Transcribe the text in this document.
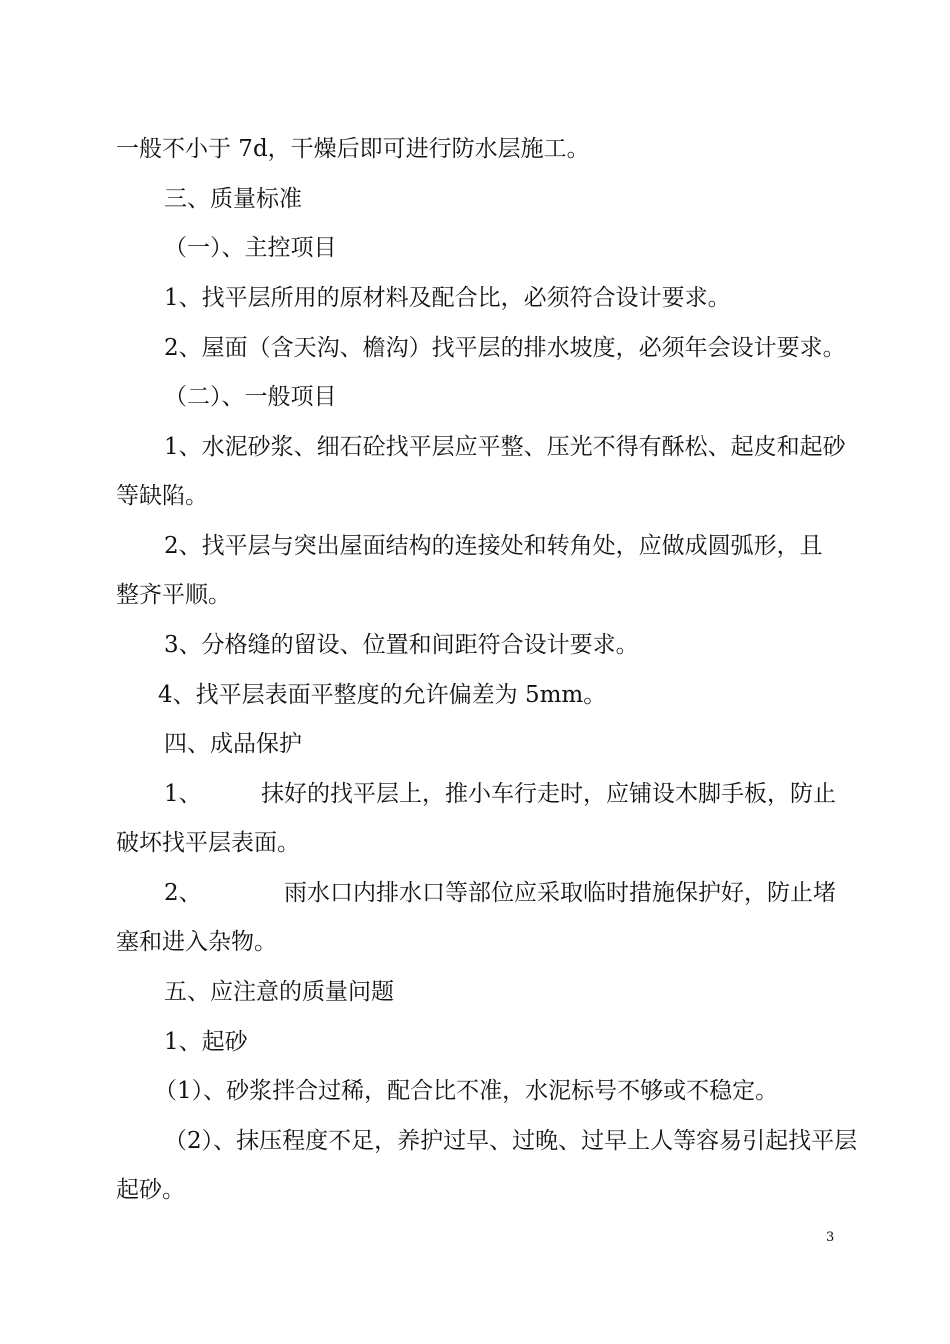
一般不小于 7d，干燥后即可进行防水层施工。
三、质量标准
（一）、主控项目
1、找平层所用的原材料及配合比，必须符合设计要求。
2、屋面（含天沟、檐沟）找平层的排水坡度，必须年会设计要求。
（二）、一般项目
1、水泥砂浆、细石砼找平层应平整、压光不得有酥松、起皮和起砂
等缺陷。
2、找平层与突出屋面结构的连接处和转角处，应做成圆弧形，且
整齐平顺。
3、分格缝的留设、位置和间距符合设计要求。
4、找平层表面平整度的允许偏差为 5mm。
四、成品保护
1、	抹好的找平层上，推小车行走时，应铺设木脚手板，防止
破坏找平层表面。
2、	雨水口内排水口等部位应采取临时措施保护好，防止堵
塞和进入杂物。
五、应注意的质量问题
1、起砂
（1）、砂浆拌合过稀，配合比不准，水泥标号不够或不稳定。
（2）、抹压程度不足，养护过早、过晚、过早上人等容易引起找平层
起砂。
3
